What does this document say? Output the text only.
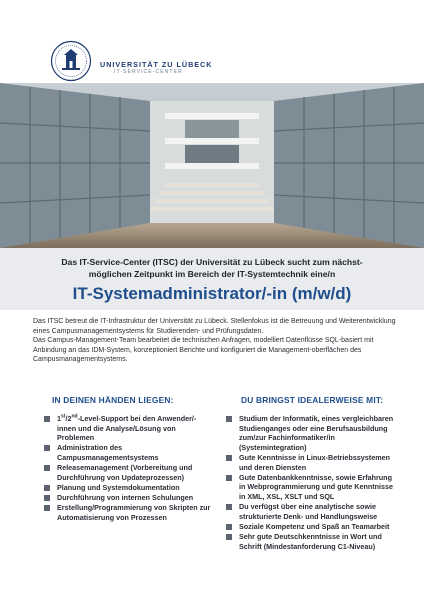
UNIVERSITÄT ZU LÜBECK
IT-SERVICE-CENTER
Das IT-Service-Center (ITSC) der Universität zu Lübeck sucht zum nächst-
möglichen Zeitpunkt im Bereich der IT-Systemtechnik eine/n
IT-Systemadministrator/-in (m/w/d)

Das ITSC betreut die IT-Infrastruktur der Universität zu Lübeck. Stellenfokus ist die Betreuung und Weiterentwicklung eines Campusmanagementsystems für Studierenden- und Prüfungsdaten.

Das Campus-Management-Team bearbeitet die technischen Anfragen, modelliert Datenflüsse SQL-basiert mit Anbindung an das IDM-System, konzeptioniert Berichte und konfiguriert die Management-oberflächen des Campusmanagementsystems.

IN DEINEN HÄNDEN LIEGEN:	DU BRINGST IDEALERWEISE MIT:
1st/2nd-Level-Support bei den Anwender/-innen und die Analyse/Lösung von Problemen
Administration des Campusmanagementsystems
Releasemanagement (Vorbereitung und Durchführung von Updateprozessen)
Planung und Systemdokumentation
Durchführung von internen Schulungen
Erstellung/Programmierung von Skripten zur Automatisierung von Prozessen
Studium der Informatik, eines vergleichbaren Studienganges oder eine Berufsausbildung zum/zur Fachinformatiker/in (Systemintegration)
Gute Kenntnisse in Linux-Betriebssystemen und deren Diensten
Gute Datenbankkenntnisse, sowie Erfahrung in Webprogrammierung und gute Kenntnisse in XML, XSL, XSLT und SQL
Du verfügst über eine analytische sowie strukturierte Denk- und Handlungsweise
Soziale Kompetenz und Spaß an Teamarbeit
Sehr gute Deutschkenntnisse in Wort und Schrift (Mindestanforderung C1-Niveau)
